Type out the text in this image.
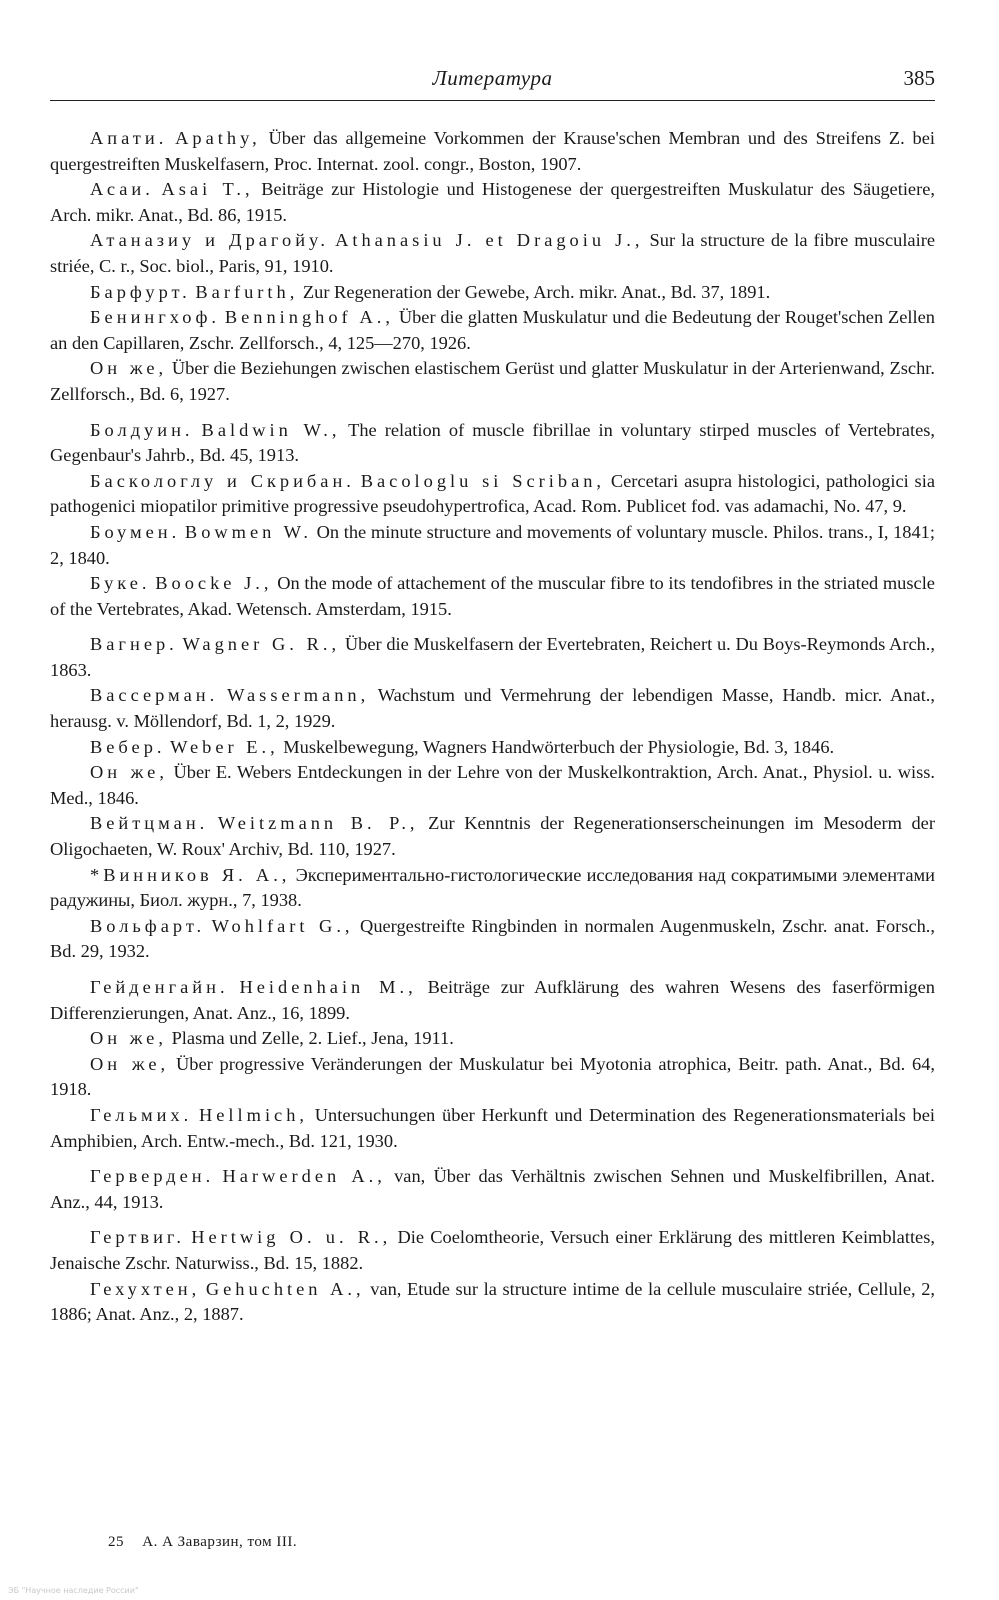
Литература	385

Апати. Apathy, Über das allgemeine Vorkommen der Krause'schen Membran und des Streifens Z. bei quergestreiften Muskelfasern, Proc. Internat. zool. congr., Boston, 1907.

Асаи. Asai T., Beiträge zur Histologie und Histogenese der quergestreiften Muskulatur des Säugetiere, Arch. mikr. Anat., Bd. 86, 1915.

Атаназиу и Драгойу. Athanasiu J. et Dragoiu J., Sur la structure de la fibre musculaire striée, C. r., Soc. biol., Paris, 91, 1910.

Барфурт. Barfurth, Zur Regeneration der Gewebe, Arch. mikr. Anat., Bd. 37, 1891.

Бенингхоф. Benninghof A., Über die glatten Muskulatur und die Bedeutung der Rouget'schen Zellen an den Capillaren, Zschr. Zellforsch., 4, 125—270, 1926.

Он же, Über die Beziehungen zwischen elastischem Gerüst und glatter Muskulatur in der Arterienwand, Zschr. Zellforsch., Bd. 6, 1927.

Болдуин. Baldwin W., The relation of muscle fibrillae in voluntary stirped muscles of Vertebrates, Gegenbaur's Jahrb., Bd. 45, 1913.

Баскологлу и Скрибан. Bacologlu si Scriban, Cercetari asupra histologici, pathologici sia pathogenici miopatilor primitive progressive pseudohypertrofica, Acad. Rom. Publicet fod. vas adamachi, No. 47, 9.

Боумен. Bowmen W. On the minute structure and movements of voluntary muscle. Philos. trans., I, 1841; 2, 1840.

Буке. Boocke J., On the mode of attachement of the muscular fibre to its tendofibres in the striated muscle of the Vertebrates, Akad. Wetensch. Amsterdam, 1915.

Вагнер. Wagner G. R., Über die Muskelfasern der Evertebraten, Reichert u. Du Boys-Reymonds Arch., 1863.

Вассерман. Wassermann, Wachstum und Vermehrung der lebendigen Masse, Handb. micr. Anat., herausg. v. Möllendorf, Bd. 1, 2, 1929.

Вебер. Weber E., Muskelbewegung, Wagners Handwörterbuch der Physiologie, Bd. 3, 1846.

Он же, Über E. Webers Entdeckungen in der Lehre von der Muskelkontraktion, Arch. Anat., Physiol. u. wiss. Med., 1846.

Вейтцман. Weitzmann B. P., Zur Kenntnis der Regenerationserscheinungen im Mesoderm der Oligochaeten, W. Roux' Archiv, Bd. 110, 1927.

*Винников Я. А., Экспериментально-гистологические исследования над сократимыми элементами радужины, Биол. журн., 7, 1938.

Вольфарт. Wohlfart G., Quergestreifte Ringbinden in normalen Augenmuskeln, Zschr. anat. Forsch., Bd. 29, 1932.

Гейденгайн. Heidenhain M., Beiträge zur Aufklärung des wahren Wesens des faserförmigen Differenzierungen, Anat. Anz., 16, 1899.

Он же, Plasma und Zelle, 2. Lief., Jena, 1911.

Он же, Über progressive Veränderungen der Muskulatur bei Myotonia atrophica, Beitr. path. Anat., Bd. 64, 1918.

Гельмих. Hellmich, Untersuchungen über Herkunft und Determination des Regenerationsmaterials bei Amphibien, Arch. Entw.-mech., Bd. 121, 1930.

Гервердeн. Harwerden A., van, Über das Verhältnis zwischen Sehnen und Muskelfibrillen, Anat. Anz., 44, 1913.

Гертвиг. Hertwig O. u. R., Die Coelomtheorie, Versuch einer Erklärung des mittleren Keimblattes, Jenaische Zschr. Naturwiss., Bd. 15, 1882.

Гехухтен, Gehuchten A., van, Etude sur la structure intime de la cellule musculaire striée, Cellule, 2, 1886; Anat. Anz., 2, 1887.

25 А. А Заварзин, том III.
ЭБ "Научное наследие России"
